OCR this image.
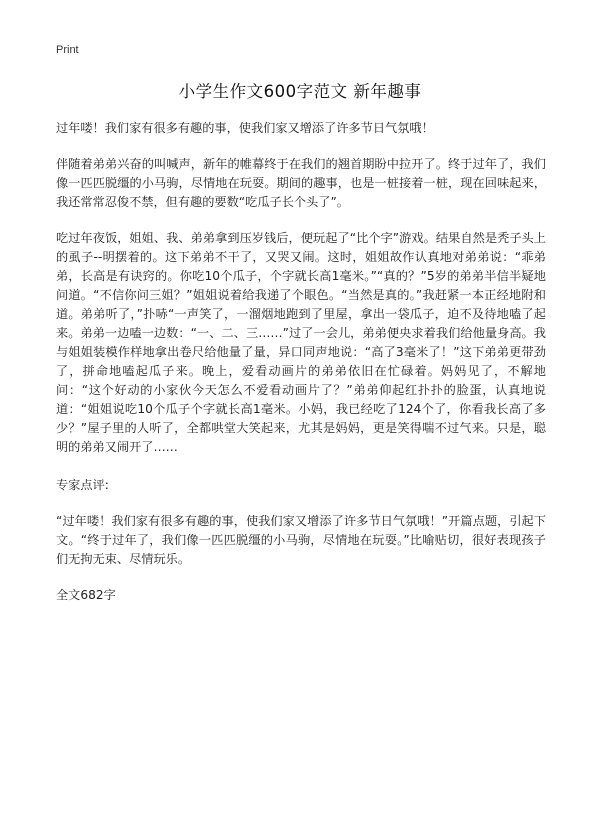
Print
小学生作文600字范文 新年趣事

过年喽！我们家有很多有趣的事，使我们家又增添了许多节日气氛哦！

伴随着弟弟兴奋的叫喊声，新年的帷幕终于在我们的翘首期盼中拉开了。终于过年了，我们像一匹匹脱缰的小马驹，尽情地在玩耍。期间的趣事，也是一桩接着一桩，现在回味起来，我还常常忍俊不禁，但有趣的要数“吃瓜子长个头了”。

吃过年夜饭，姐姐、我、弟弟拿到压岁钱后，便玩起了“比个字”游戏。结果自然是秃子头上的虱子--明摆着的。这下弟弟不干了，又哭又闹。这时，姐姐故作认真地对弟弟说：“乖弟弟，长高是有诀窍的。你吃10个瓜子，个字就长高1毫米。”“真的？”5岁的弟弟半信半疑地问道。“不信你问三姐？”姐姐说着给我递了个眼色。“当然是真的。”我赶紧一本正经地附和道。弟弟听了，”扑哧“一声笑了，一溜烟地跑到了里屋，拿出一袋瓜子，迫不及待地嗑了起来。弟弟一边嗑一边数：“一、二、三……”过了一会儿，弟弟便央求着我们给他量身高。我与姐姐装模作样地拿出卷尺给他量了量，异口同声地说：“高了3毫米了！”这下弟弟更带劲了，拼命地嗑起瓜子来。晚上，爱看动画片的弟弟依旧在忙碌着。妈妈见了，不解地问：“这个好动的小家伙今天怎么不爱看动画片了？”弟弟仰起红扑扑的脸蛋，认真地说道：“姐姐说吃10个瓜子个字就长高1毫米。小妈，我已经吃了124个了，你看我长高了多少？”屋子里的人听了，全都哄堂大笑起来，尤其是妈妈，更是笑得喘不过气来。只是，聪明的弟弟又闹开了……

专家点评:

“过年喽！我们家有很多有趣的事，使我们家又增添了许多节日气氛哦！”开篇点题，引起下文。“终于过年了，我们像一匹匹脱缰的小马驹，尽情地在玩耍。”比喻贴切，很好表现孩子们无拘无束、尽情玩乐。

全文682字
